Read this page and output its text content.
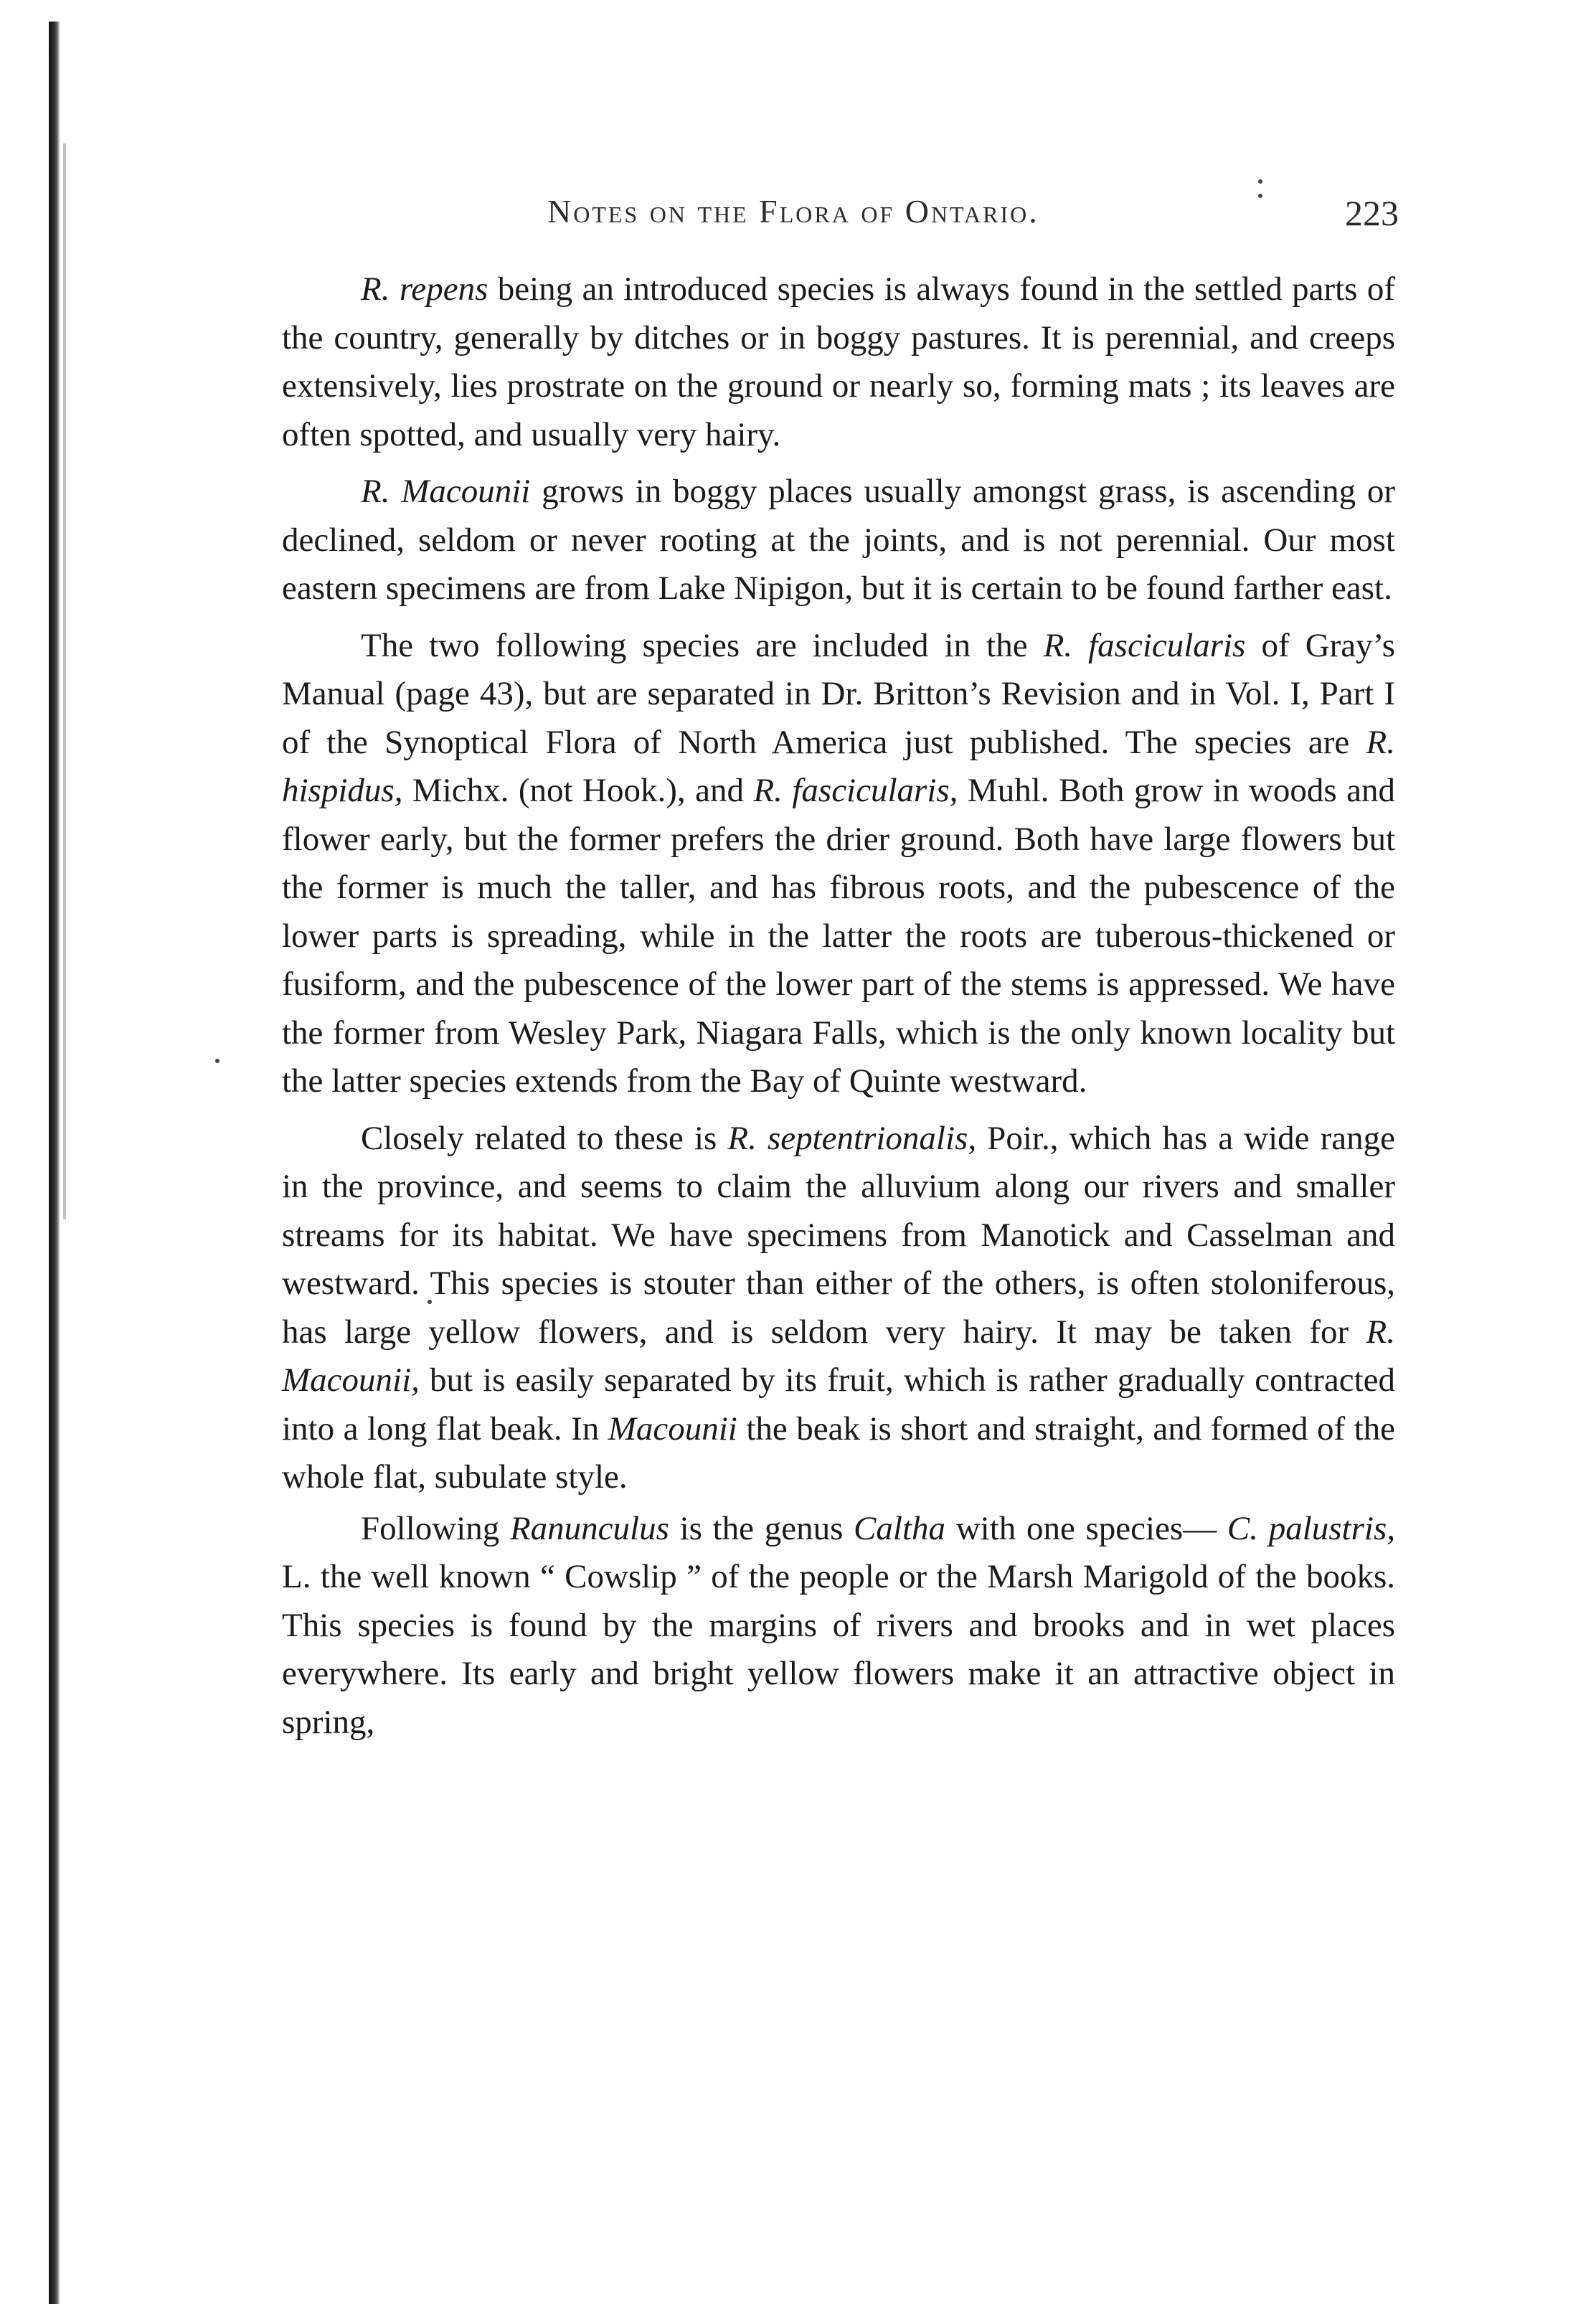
Notes on the Flora of Ontario.	223

R. repens being an introduced species is always found in the settled parts of the country, generally by ditches or in boggy pastures. It is perennial, and creeps extensively, lies prostrate on the ground or nearly so, forming mats ; its leaves are often spotted, and usually very hairy.

R. Macounii grows in boggy places usually amongst grass, is ascending or declined, seldom or never rooting at the joints, and is not perennial. Our most eastern specimens are from Lake Nipigon, but it is certain to be found farther east.

The two following species are included in the R. fascicularis of Gray’s Manual (page 43), but are separated in Dr. Britton’s Revision and in Vol. I, Part I of the Synoptical Flora of North America just published. The species are R. hispidus, Michx. (not Hook.), and R. fascicularis, Muhl. Both grow in woods and flower early, but the former prefers the drier ground. Both have large flowers but the former is much the taller, and has fibrous roots, and the pubescence of the lower parts is spreading, while in the latter the roots are tuberous-thickened or fusiform, and the pubescence of the lower part of the stems is appressed. We have the former from Wesley Park, Niagara Falls, which is the only known locality but the latter species extends from the Bay of Quinte westward.

Closely related to these is R. septentrionalis, Poir., which has a wide range in the province, and seems to claim the alluvium along our rivers and smaller streams for its habitat. We have specimens from Manotick and Casselman and westward. This species is stouter than either of the others, is often stoloniferous, has large yellow flowers, and is seldom very hairy. It may be taken for R. Macounii, but is easily separated by its fruit, which is rather gradually contracted into a long flat beak. In Macounii the beak is short and straight, and formed of the whole flat, subulate style.

Following Ranunculus is the genus Caltha with one species— C. palustris, L. the well known “ Cowslip ” of the people or the Marsh Marigold of the books. This species is found by the margins of rivers and brooks and in wet places everywhere. Its early and bright yellow flowers make it an attractive object in spring,
